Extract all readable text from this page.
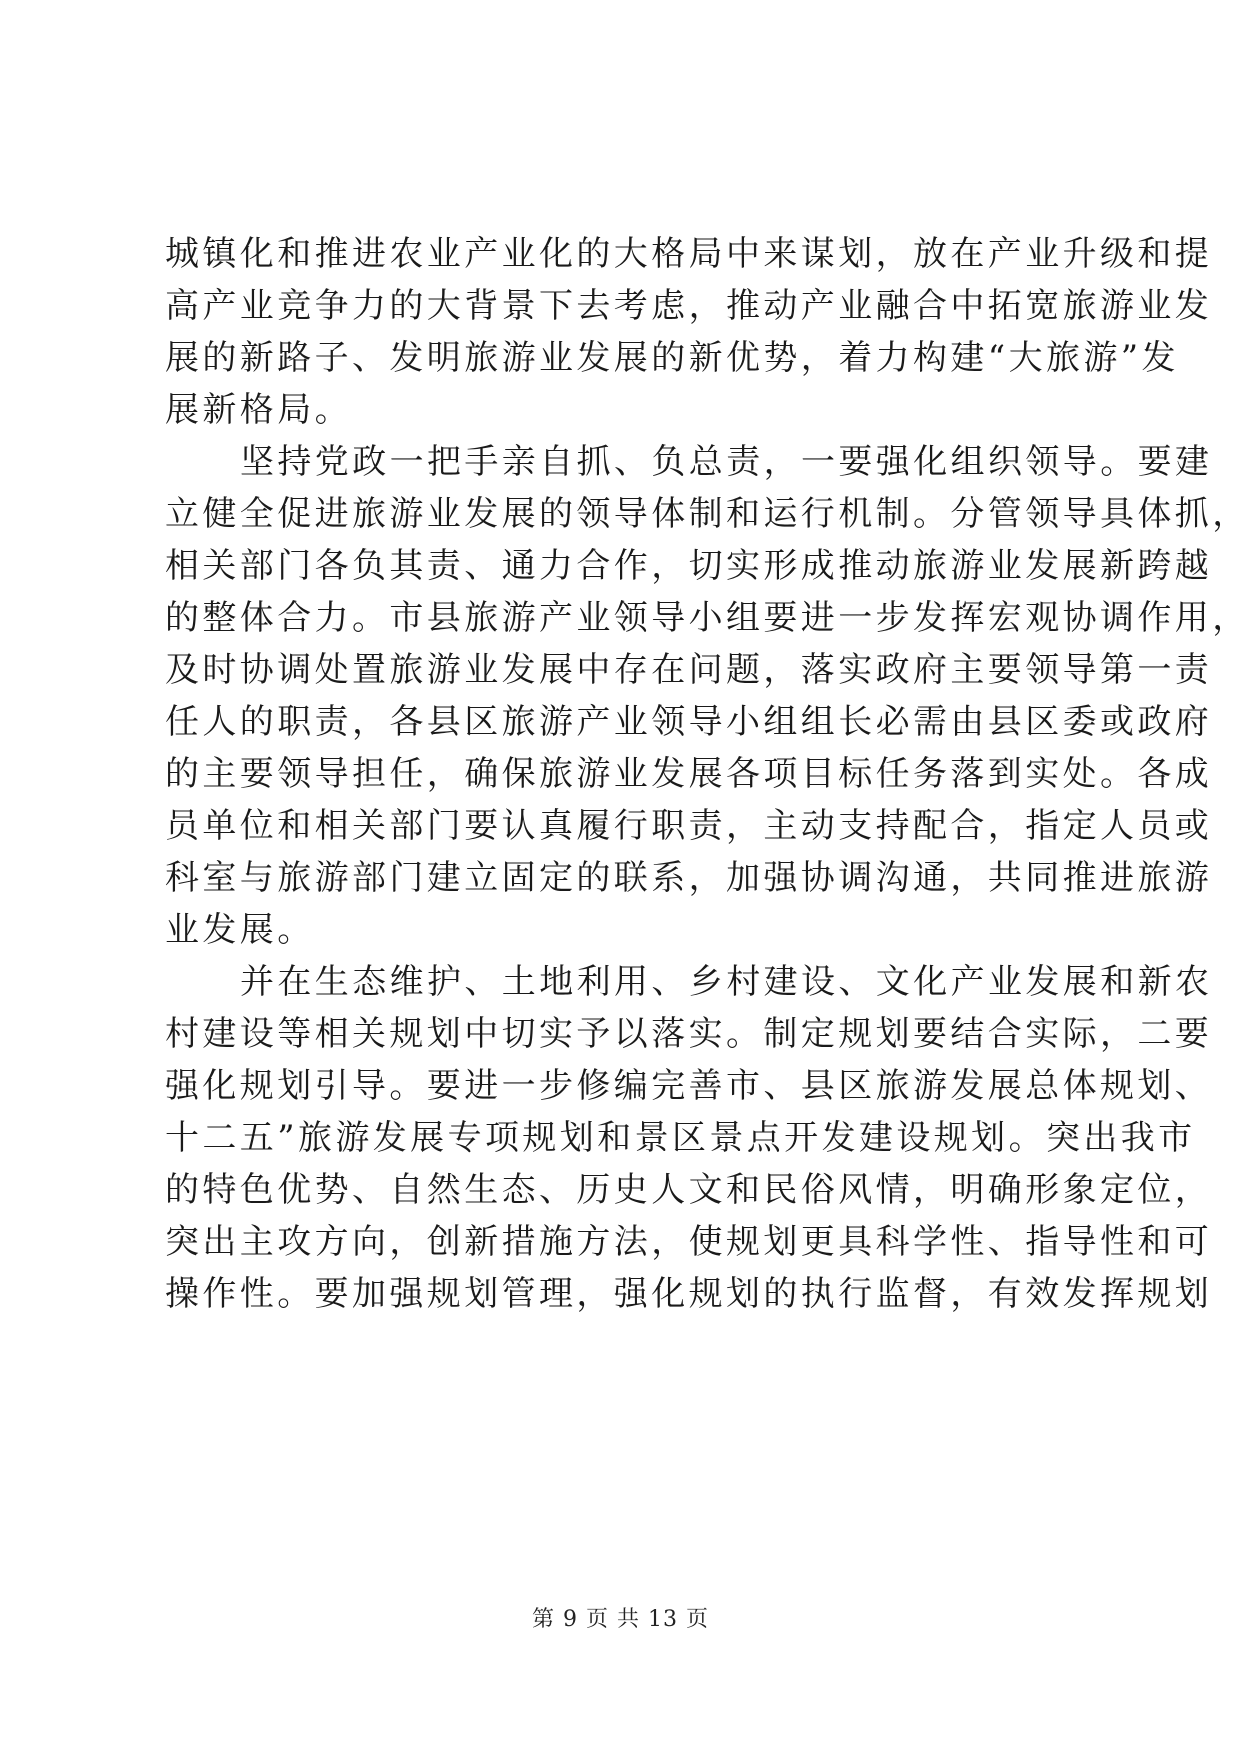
城镇化和推进农业产业化的大格局中来谋划，放在产业升级和提
高产业竞争力的大背景下去考虑，推动产业融合中拓宽旅游业发
展的新路子、发明旅游业发展的新优势，着力构建“大旅游”发
展新格局。
坚持党政一把手亲自抓、负总责，一要强化组织领导。要建
立健全促进旅游业发展的领导体制和运行机制。分管领导具体抓，
相关部门各负其责、通力合作，切实形成推动旅游业发展新跨越
的整体合力。市县旅游产业领导小组要进一步发挥宏观协调作用，
及时协调处置旅游业发展中存在问题，落实政府主要领导第一责
任人的职责，各县区旅游产业领导小组组长必需由县区委或政府
的主要领导担任，确保旅游业发展各项目标任务落到实处。各成
员单位和相关部门要认真履行职责，主动支持配合，指定人员或
科室与旅游部门建立固定的联系，加强协调沟通，共同推进旅游
业发展。
并在生态维护、土地利用、乡村建设、文化产业发展和新农
村建设等相关规划中切实予以落实。制定规划要结合实际，二要
强化规划引导。要进一步修编完善市、县区旅游发展总体规划、
十二五”旅游发展专项规划和景区景点开发建设规划。突出我市
的特色优势、自然生态、历史人文和民俗风情，明确形象定位，
突出主攻方向，创新措施方法，使规划更具科学性、指导性和可
操作性。要加强规划管理，强化规划的执行监督，有效发挥规划
第 9 页 共 13 页
